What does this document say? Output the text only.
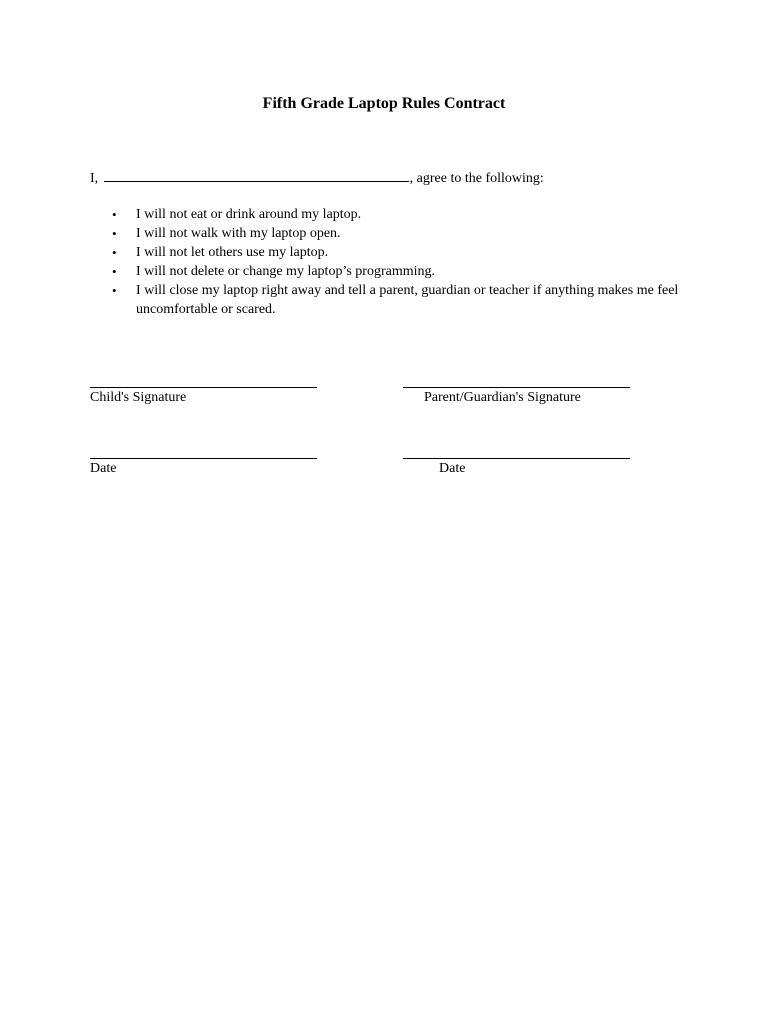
Fifth Grade Laptop Rules Contract
I,	, agree to the following:
• I will not eat or drink around my laptop.
• I will not walk with my laptop open.
• I will not let others use my laptop.
• I will not delete or change my laptop’s programming.
• I will close my laptop right away and tell a parent, guardian or teacher if anything makes me feel uncomfortable or scared.
Child's Signature	Parent/Guardian's Signature
Date	Date
